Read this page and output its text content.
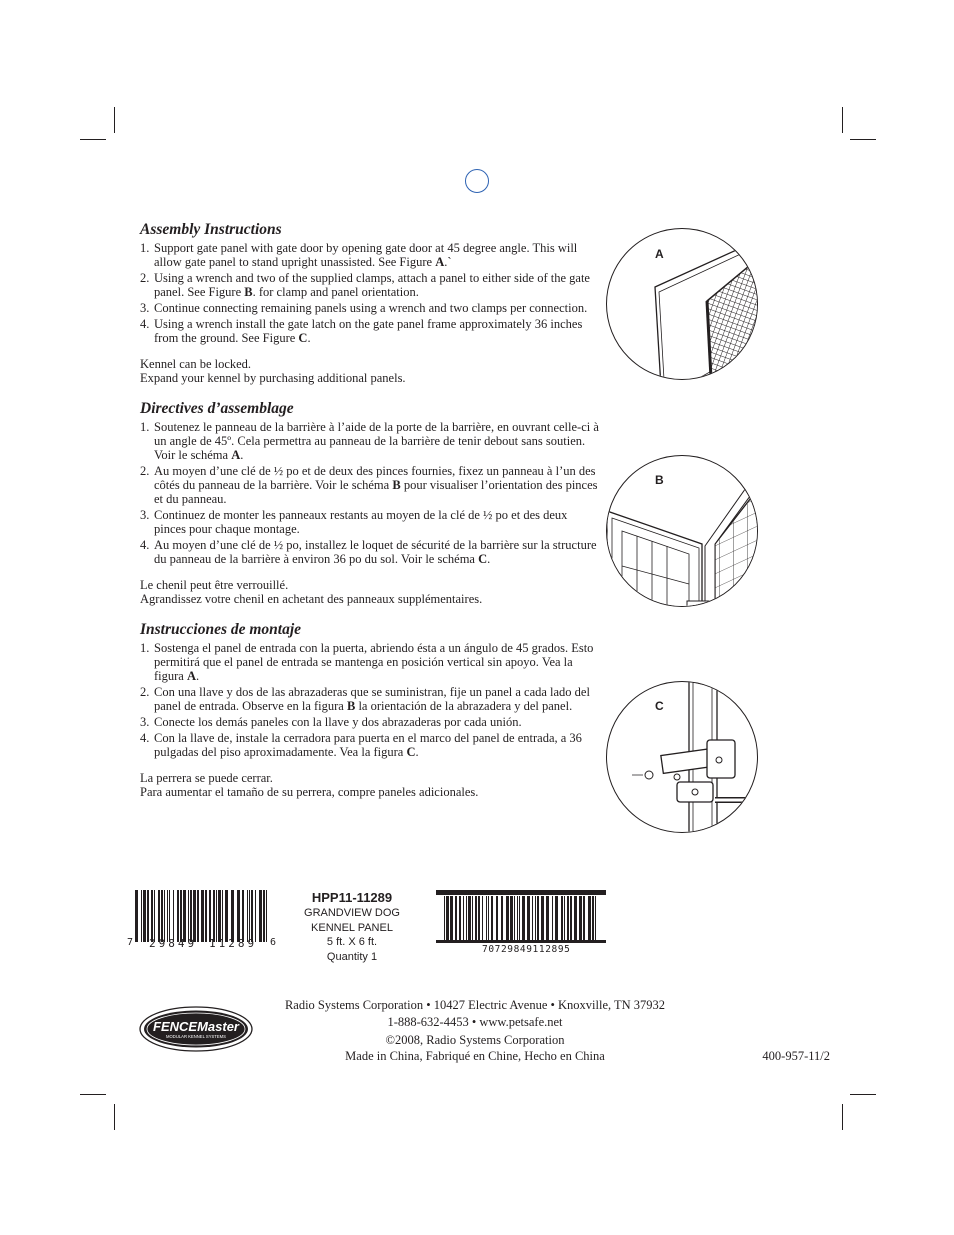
Assembly Instructions
1. Support gate panel with gate door by opening gate door at 45 degree angle. This will allow gate panel to stand upright unassisted. See Figure A.`
2. Using a wrench and two of the supplied clamps, attach a panel to either side of the gate panel. See Figure B. for clamp and panel orientation.
3. Continue connecting remaining panels using a wrench and two clamps per connection.
4. Using a wrench install the gate latch on the gate panel frame approximately 36 inches from the ground. See Figure C.

Kennel can be locked.

Expand your kennel by purchasing additional panels.

Directives d’assemblage
1. Soutenez le panneau de la barrière à l’aide de la porte de la barrière, en ouvrant celle-ci à un angle de 45º. Cela permettra au panneau de la barrière de tenir debout sans soutien. Voir le schéma A.
2. Au moyen d’une clé de ½ po et de deux des pinces fournies, fixez un panneau à l’un des côtés du panneau de la barrière. Voir le schéma B pour visualiser l’orientation des pinces et du panneau.
3. Continuez de monter les panneaux restants au moyen de la clé de ½ po et des deux pinces pour chaque montage.
4. Au moyen d’une clé de ½ po, installez le loquet de sécurité de la barrière sur la structure du panneau de la barrière à environ 36 po du sol. Voir le schéma C.

Le chenil peut être verrouillé.

Agrandissez votre chenil en achetant des panneaux supplémentaires.

Instrucciones de montaje
1. Sostenga el panel de entrada con la puerta, abriendo ésta a un ángulo de 45 grados. Esto permitirá que el panel de entrada se mantenga en posición vertical sin apoyo. Vea la figura A.
2. Con una llave y dos de las abrazaderas que se suministran, fije un panel a cada lado del panel de entrada. Observe en la figura B la orientación de la abrazadera y del panel.
3. Conecte los demás paneles con la llave y dos abrazaderas por cada unión.
4. Con la llave de, instale la cerradora para puerta en el marco del panel de entrada, a 36 pulgadas del piso aproximadamente. Vea la figura C.

La perrera se puede cerrar.

Para aumentar el tamaño de su perrera, compre paneles adicionales.

A
B
C
7 29849 11289 6
HPP11-11289
GRANDVIEW DOG
KENNEL PANEL
5 ft. X 6 ft.
Quantity 1
70729849112895
FENCEMaster
MODULAR KENNEL SYSTEMS
Radio Systems Corporation • 10427 Electric Avenue • Knoxville, TN 37932
1-888-632-4453 • www.petsafe.net
©2008, Radio Systems Corporation
Made in China, Fabriqué en Chine, Hecho en China	400-957-11/2
